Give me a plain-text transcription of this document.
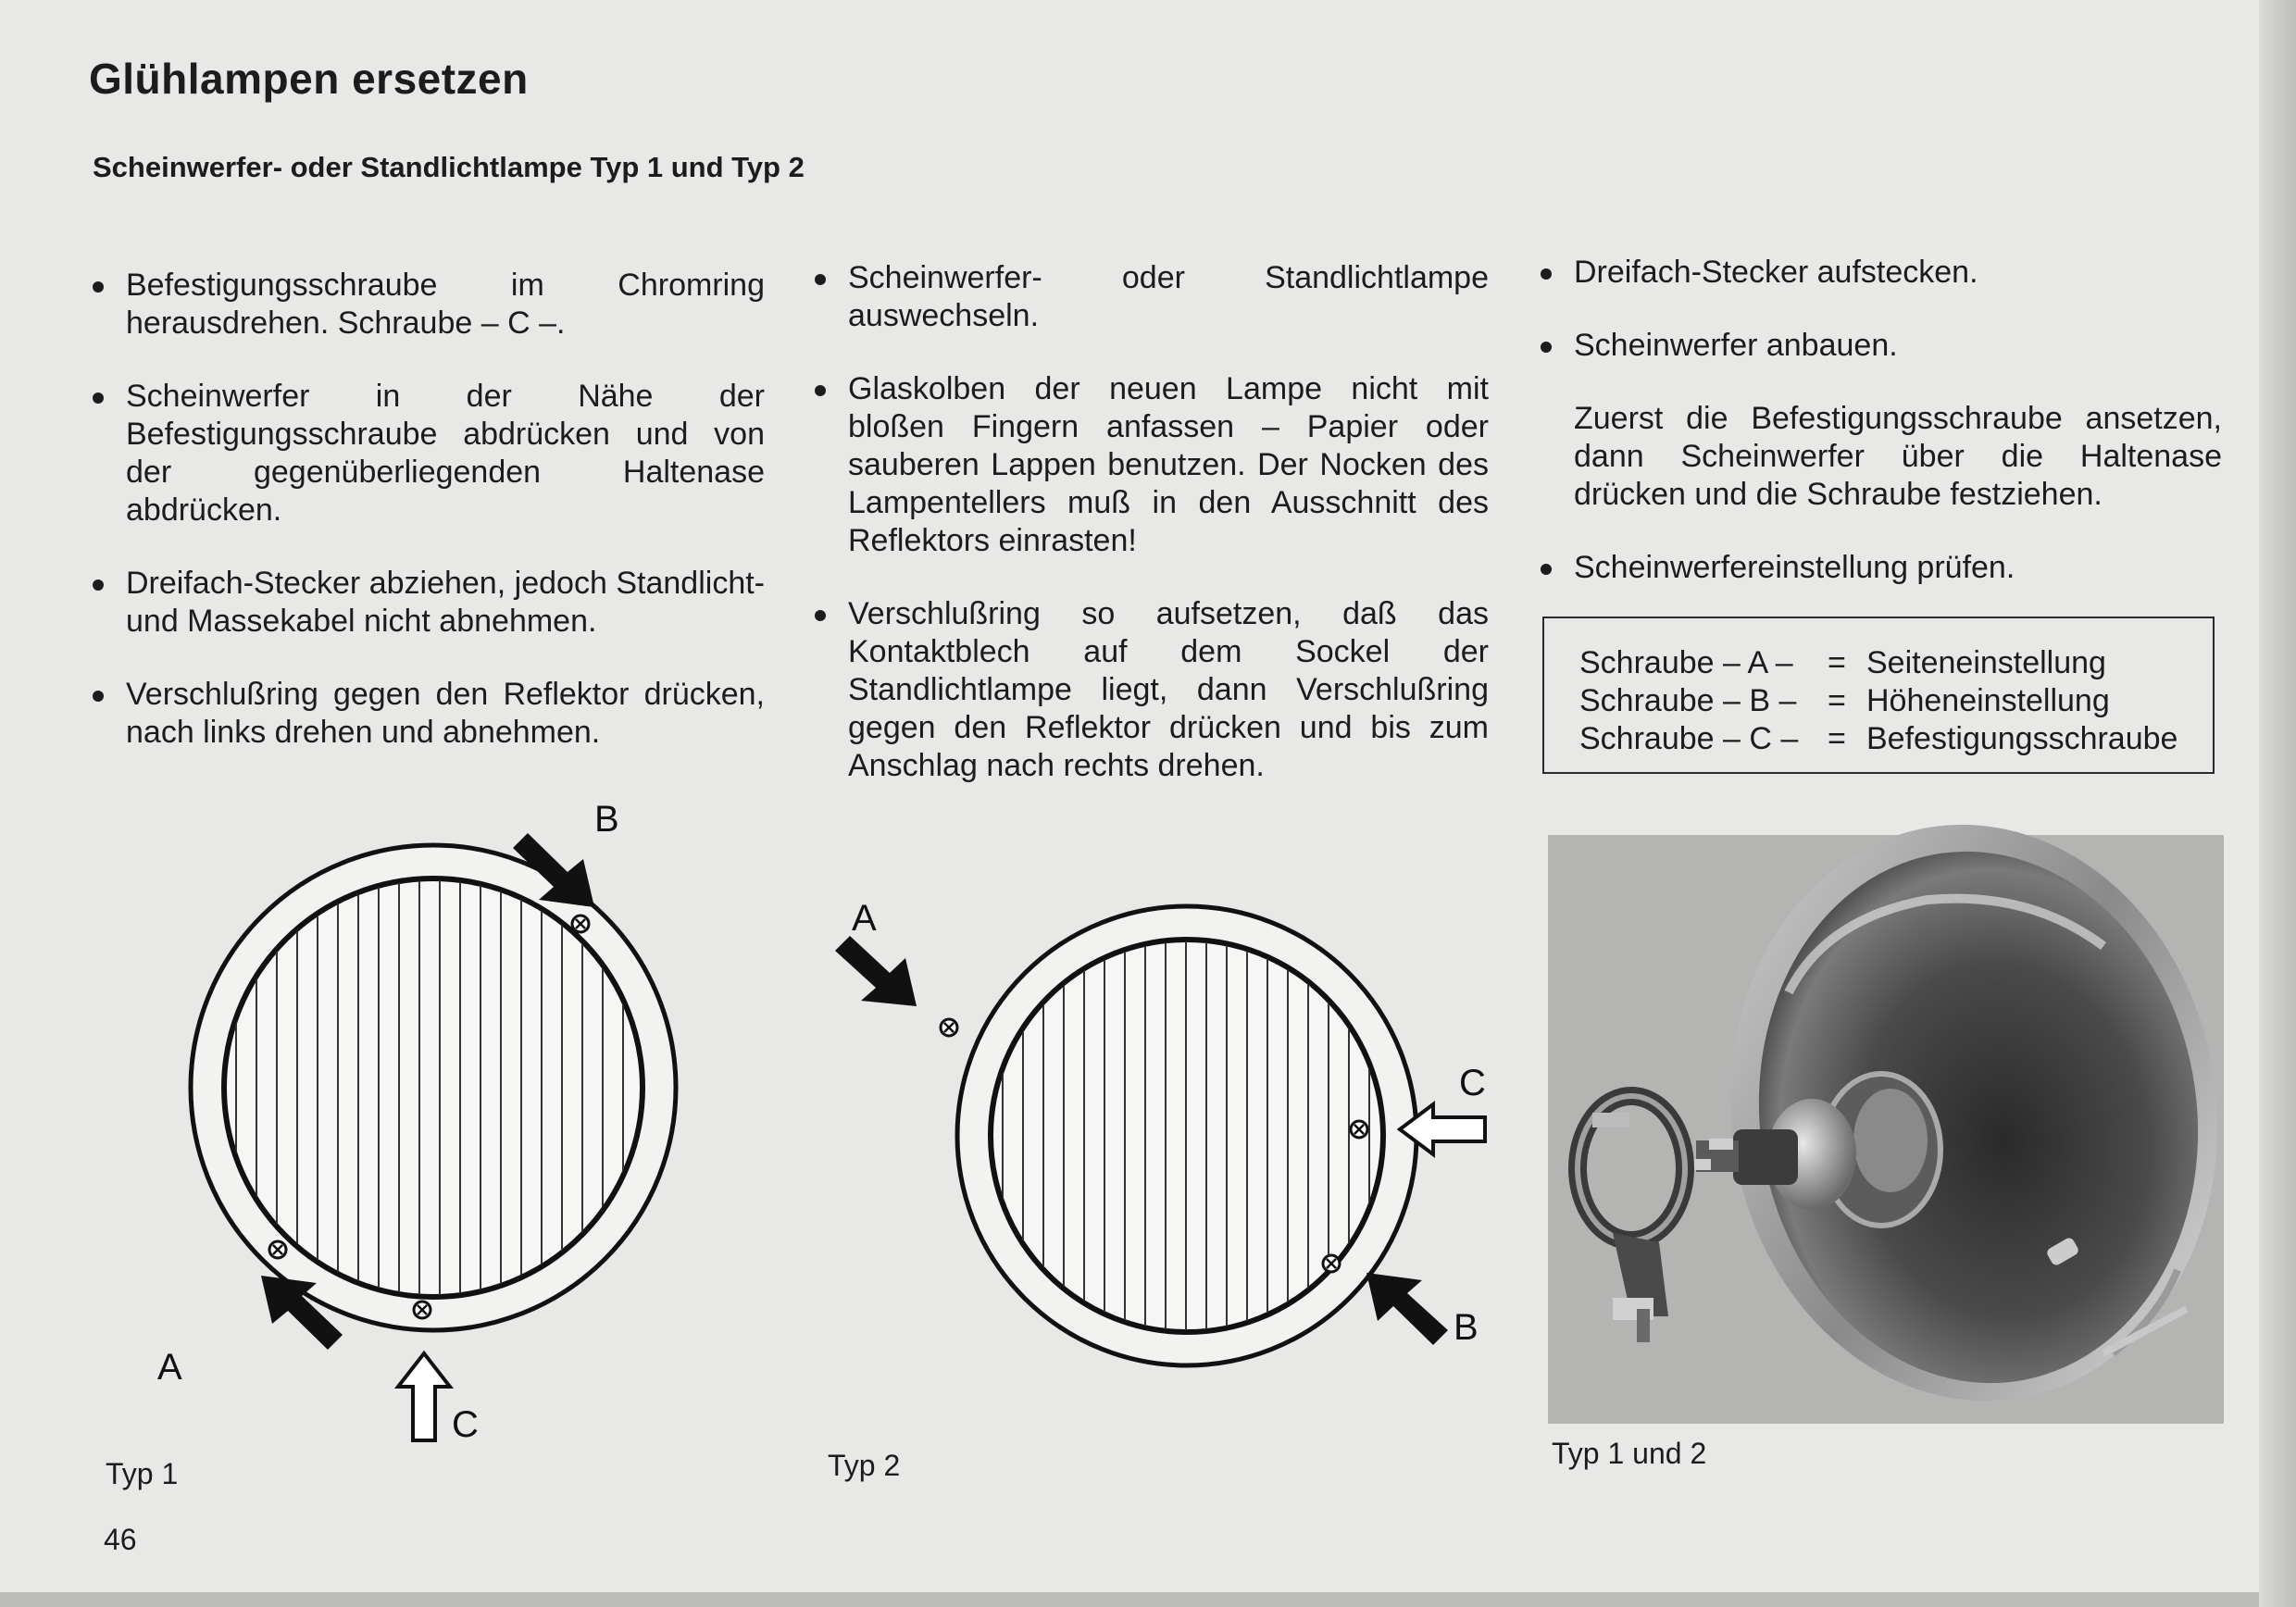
Glühlampen ersetzen
Scheinwerfer- oder Standlichtlampe Typ 1 und Typ 2
Befestigungsschraube im Chromring herausdrehen. Schraube – C –.
Scheinwerfer in der Nähe der Befestigungsschraube abdrücken und von der gegenüberliegenden Haltenase abdrücken.
Dreifach-Stecker abziehen, jedoch Standlicht- und Massekabel nicht abnehmen.
Verschlußring gegen den Reflektor drücken, nach links drehen und abnehmen.
Scheinwerfer- oder Standlichtlampe auswechseln.
Glaskolben der neuen Lampe nicht mit bloßen Fingern anfassen – Papier oder sauberen Lappen benutzen. Der Nocken des Lampentellers muß in den Ausschnitt des Reflektors einrasten!
Verschlußring so aufsetzen, daß das Kontaktblech auf dem Sockel der Standlichtlampe liegt, dann Verschlußring gegen den Reflektor drücken und bis zum Anschlag nach rechts drehen.
Dreifach-Stecker aufstecken.
Scheinwerfer anbauen.
Zuerst die Befestigungsschraube ansetzen, dann Scheinwerfer über die Haltenase drücken und die Schraube festziehen.
Scheinwerfereinstellung prüfen.
Schraube – A – = Seiteneinstellung
Schraube – B – = Höheneinstellung
Schraube – C – = Befestigungsschraube
B
A
C
A
C
B
Typ 1	Typ 2	Typ 1 und 2
46
